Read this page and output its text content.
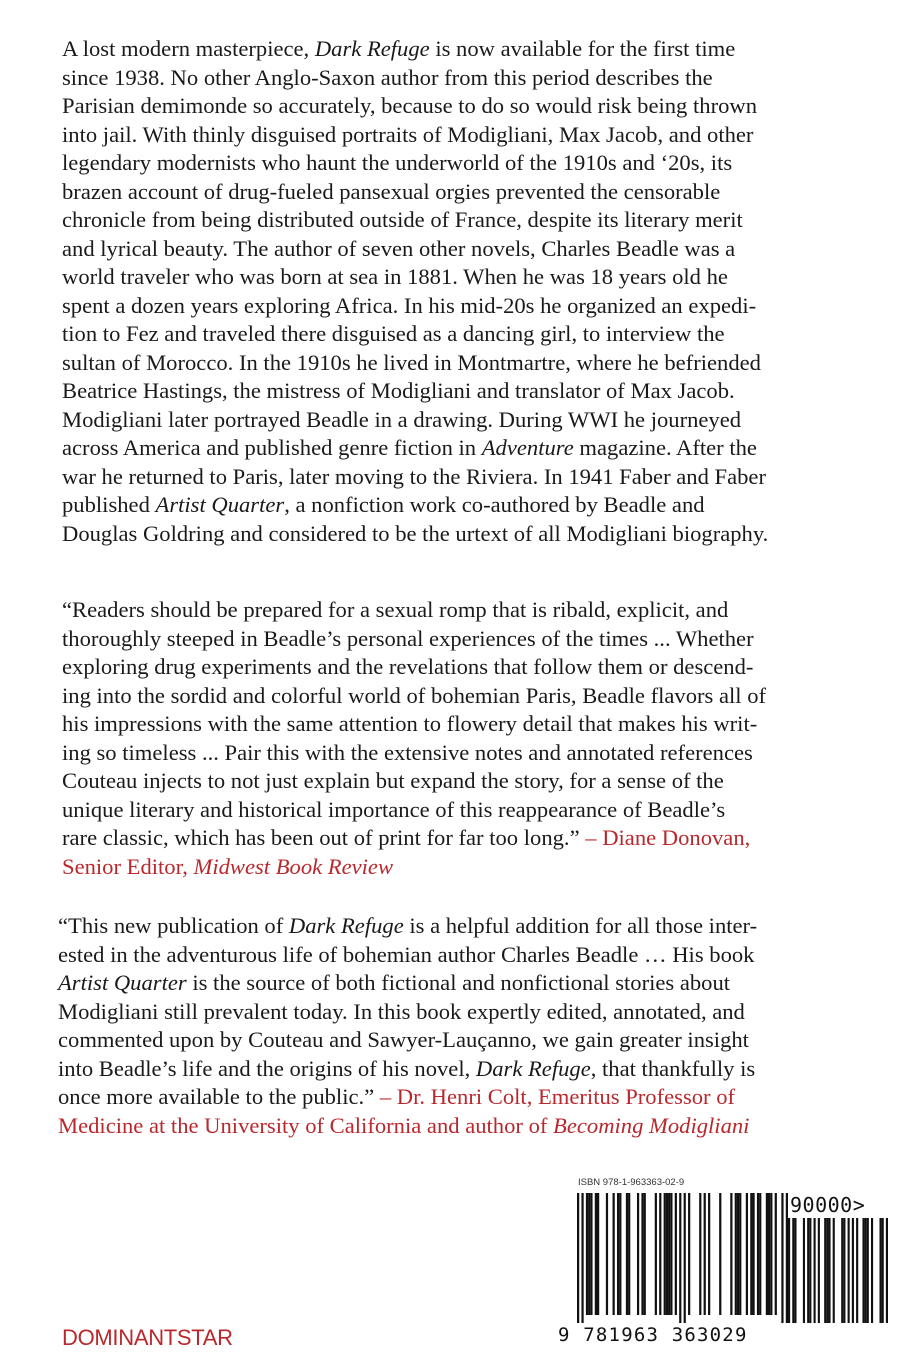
A lost modern masterpiece, Dark Refuge is now available for the first time
since 1938. No other Anglo-Saxon author from this period describes the
Parisian demimonde so accurately, because to do so would risk being thrown
into jail. With thinly disguised portraits of Modigliani, Max Jacob, and other
legendary modernists who haunt the underworld of the 1910s and ‘20s, its
brazen account of drug-fueled pansexual orgies prevented the censorable
chronicle from being distributed outside of France, despite its literary merit
and lyrical beauty. The author of seven other novels, Charles Beadle was a
world traveler who was born at sea in 1881. When he was 18 years old he
spent a dozen years exploring Africa. In his mid-20s he organized an expedi-
tion to Fez and traveled there disguised as a dancing girl, to interview the
sultan of Morocco. In the 1910s he lived in Montmartre, where he befriended
Beatrice Hastings, the mistress of Modigliani and translator of Max Jacob.
Modigliani later portrayed Beadle in a drawing. During WWI he journeyed
across America and published genre fiction in Adventure magazine. After the
war he returned to Paris, later moving to the Riviera. In 1941 Faber and Faber
published Artist Quarter, a nonfiction work co-authored by Beadle and
Douglas Goldring and considered to be the urtext of all Modigliani biography.
“Readers should be prepared for a sexual romp that is ribald, explicit, and
thoroughly steeped in Beadle’s personal experiences of the times ... Whether
exploring drug experiments and the revelations that follow them or descend-
ing into the sordid and colorful world of bohemian Paris, Beadle flavors all of
his impressions with the same attention to flowery detail that makes his writ-
ing so timeless ... Pair this with the extensive notes and annotated references
Couteau injects to not just explain but expand the story, for a sense of the
unique literary and historical importance of this reappearance of Beadle’s
rare classic, which has been out of print for far too long.” – Diane Donovan,
Senior Editor, Midwest Book Review
“This new publication of Dark Refuge is a helpful addition for all those inter-
ested in the adventurous life of bohemian author Charles Beadle … His book
Artist Quarter is the source of both fictional and nonfictional stories about
Modigliani still prevalent today. In this book expertly edited, annotated, and
commented upon by Couteau and Sawyer-Lauçanno, we gain greater insight
into Beadle’s life and the origins of his novel, Dark Refuge, that thankfully is
once more available to the public.” – Dr. Henri Colt, Emeritus Professor of
Medicine at the University of California and author of Becoming Modigliani
ISBN 978-1-963363-02-9
90000>
9 781963 363029
DOMINANTSTAR
